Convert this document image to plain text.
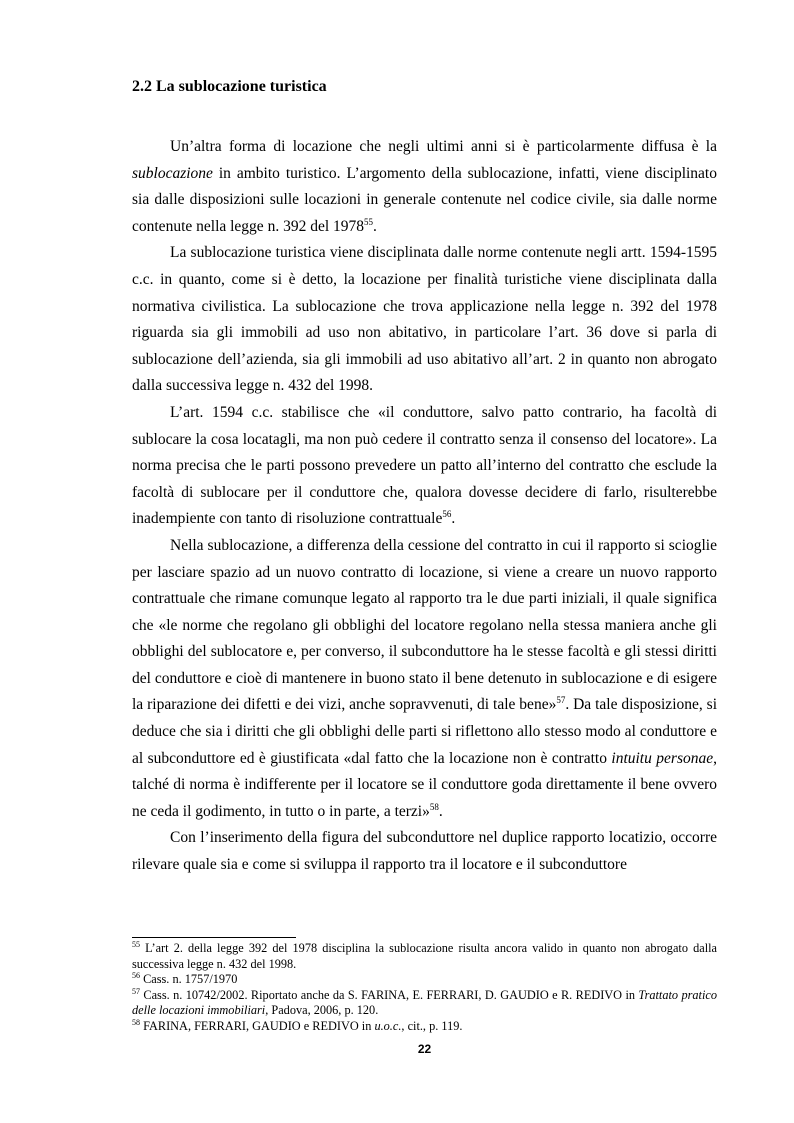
2.2 La sublocazione turistica

Un’altra forma di locazione che negli ultimi anni si è particolarmente diffusa è la sublocazione in ambito turistico. L’argomento della sublocazione, infatti, viene disciplinato sia dalle disposizioni sulle locazioni in generale contenute nel codice civile, sia dalle norme contenute nella legge n. 392 del 1978$^{55}$.

La sublocazione turistica viene disciplinata dalle norme contenute negli artt. 1594-1595 c.c. in quanto, come si è detto, la locazione per finalità turistiche viene disciplinata dalla normativa civilistica. La sublocazione che trova applicazione nella legge n. 392 del 1978 riguarda sia gli immobili ad uso non abitativo, in particolare l’art. 36 dove si parla di sublocazione dell’azienda, sia gli immobili ad uso abitativo all’art. 2 in quanto non abrogato dalla successiva legge n. 432 del 1998.

L’art. 1594 c.c. stabilisce che «il conduttore, salvo patto contrario, ha facoltà di sublocare la cosa locatagli, ma non può cedere il contratto senza il consenso del locatore». La norma precisa che le parti possono prevedere un patto all’interno del contratto che esclude la facoltà di sublocare per il conduttore che, qualora dovesse decidere di farlo, risulterebbe inadempiente con tanto di risoluzione contrattuale$^{56}$.

Nella sublocazione, a differenza della cessione del contratto in cui il rapporto si scioglie per lasciare spazio ad un nuovo contratto di locazione, si viene a creare un nuovo rapporto contrattuale che rimane comunque legato al rapporto tra le due parti iniziali, il quale significa che «le norme che regolano gli obblighi del locatore regolano nella stessa maniera anche gli obblighi del sublocatore e, per converso, il subconduttore ha le stesse facoltà e gli stessi diritti del conduttore e cioè di mantenere in buono stato il bene detenuto in sublocazione e di esigere la riparazione dei difetti e dei vizi, anche sopravvenuti, di tale bene»$^{57}$. Da tale disposizione, si deduce che sia i diritti che gli obblighi delle parti si riflettono allo stesso modo al conduttore e al subconduttore ed è giustificata «dal fatto che la locazione non è contratto intuitu personae, talché di norma è indifferente per il locatore se il conduttore goda direttamente il bene ovvero ne ceda il godimento, in tutto o in parte, a terzi»$^{58}$.

Con l’inserimento della figura del subconduttore nel duplice rapporto locatizio, occorre rilevare quale sia e come si sviluppa il rapporto tra il locatore e il subconduttore

$^{55}$ L’art 2. della legge 392 del 1978 disciplina la sublocazione risulta ancora valido in quanto non abrogato dalla successiva legge n. 432 del 1998.

$^{56}$ Cass. n. 1757/1970

$^{57}$ Cass. n. 10742/2002. Riportato anche da S. FARINA, E. FERRARI, D. GAUDIO e R. REDIVO in Trattato pratico delle locazioni immobiliari, Padova, 2006, p. 120.

$^{58}$ FARINA, FERRARI, GAUDIO e REDIVO in u.o.c., cit., p. 119.

22
